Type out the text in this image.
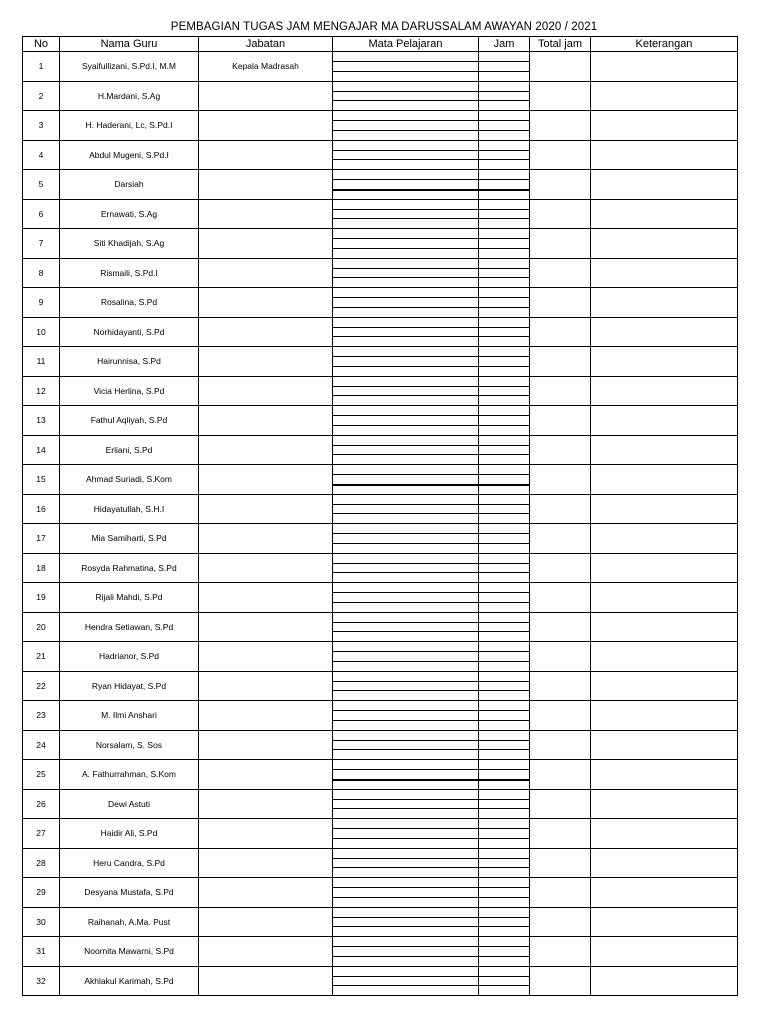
PEMBAGIAN TUGAS JAM MENGAJAR MA DARUSSALAM AWAYAN 2020 / 2021
No	Nama Guru	Jabatan	Mata Pelajaran	Jam	Total jam	Keterangan
1	Syaifullizani, S.Pd.I, M.M	Kepala Madrasah	

2	H.Mardani, S.Ag		

3	H. Haderani, Lc, S.Pd.I		

4	Abdul Mugeni, S.Pd.I		

5	Darsiah		

6	Ernawati, S.Ag		

7	Siti Khadijah, S.Ag		

8	Rismaili, S.Pd.I		

9	Rosalina, S.Pd		

10	Norhidayanti, S.Pd		

11	Hairunnisa, S.Pd		

12	Vicia Herlina, S.Pd		

13	Fathul Aqliyah, S.Pd		

14	Erliani, S.Pd		

15	Ahmad Suriadi, S.Kom		

16	Hidayatullah, S.H.I		

17	Mia Samiharti, S.Pd		

18	Rosyda Rahmatina, S.Pd		

19	Rijali Mahdi, S.Pd		

20	Hendra Setiawan, S.Pd		

21	Hadrianor, S.Pd		

22	Ryan Hidayat, S.Pd		

23	M. Ilmi Anshari		

24	Norsalam, S. Sos		

25	A. Fathurrahman, S.Kom		

26	Dewi Astuti		

27	Haidir Ali, S.Pd		

28	Heru Candra, S.Pd		

29	Desyana Mustafa, S.Pd		

30	Raihanah, A.Ma. Pust		

31	Noornita Mawarni, S.Pd		

32	Akhlakul Karimah, S.Pd		
